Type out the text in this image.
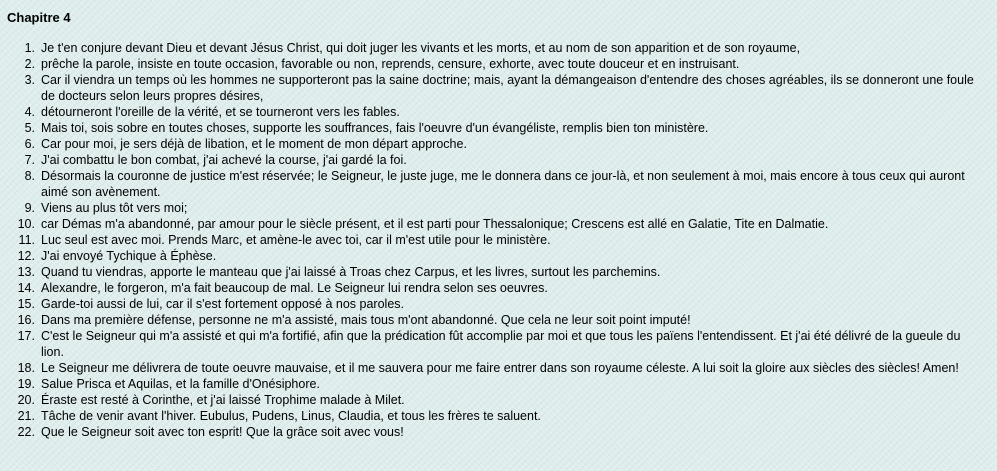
Chapitre 4
1. Je t'en conjure devant Dieu et devant Jésus Christ, qui doit juger les vivants et les morts, et au nom de son apparition et de son royaume,
2. prêche la parole, insiste en toute occasion, favorable ou non, reprends, censure, exhorte, avec toute douceur et en instruisant.
3. Car il viendra un temps où les hommes ne supporteront pas la saine doctrine; mais, ayant la démangeaison d'entendre des choses agréables, ils se donneront une foule de docteurs selon leurs propres désires,
4. détourneront l'oreille de la vérité, et se tourneront vers les fables.
5. Mais toi, sois sobre en toutes choses, supporte les souffrances, fais l'oeuvre d'un évangéliste, remplis bien ton ministère.
6. Car pour moi, je sers déjà de libation, et le moment de mon départ approche.
7. J'ai combattu le bon combat, j'ai achevé la course, j'ai gardé la foi.
8. Désormais la couronne de justice m'est réservée; le Seigneur, le juste juge, me le donnera dans ce jour-là, et non seulement à moi, mais encore à tous ceux qui auront aimé son avènement.
9. Viens au plus tôt vers moi;
10. car Démas m'a abandonné, par amour pour le siècle présent, et il est parti pour Thessalonique; Crescens est allé en Galatie, Tite en Dalmatie.
11. Luc seul est avec moi. Prends Marc, et amène-le avec toi, car il m'est utile pour le ministère.
12. J'ai envoyé Tychique à Éphèse.
13. Quand tu viendras, apporte le manteau que j'ai laissé à Troas chez Carpus, et les livres, surtout les parchemins.
14. Alexandre, le forgeron, m'a fait beaucoup de mal. Le Seigneur lui rendra selon ses oeuvres.
15. Garde-toi aussi de lui, car il s'est fortement opposé à nos paroles.
16. Dans ma première défense, personne ne m'a assisté, mais tous m'ont abandonné. Que cela ne leur soit point imputé!
17. C'est le Seigneur qui m'a assisté et qui m'a fortifié, afin que la prédication fût accomplie par moi et que tous les païens l'entendissent. Et j'ai été délivré de la gueule du lion.
18. Le Seigneur me délivrera de toute oeuvre mauvaise, et il me sauvera pour me faire entrer dans son royaume céleste. A lui soit la gloire aux siècles des siècles! Amen!
19. Salue Prisca et Aquilas, et la famille d'Onésiphore.
20. Éraste est resté à Corinthe, et j'ai laissé Trophime malade à Milet.
21. Tâche de venir avant l'hiver. Eubulus, Pudens, Linus, Claudia, et tous les frères te saluent.
22. Que le Seigneur soit avec ton esprit! Que la grâce soit avec vous!
